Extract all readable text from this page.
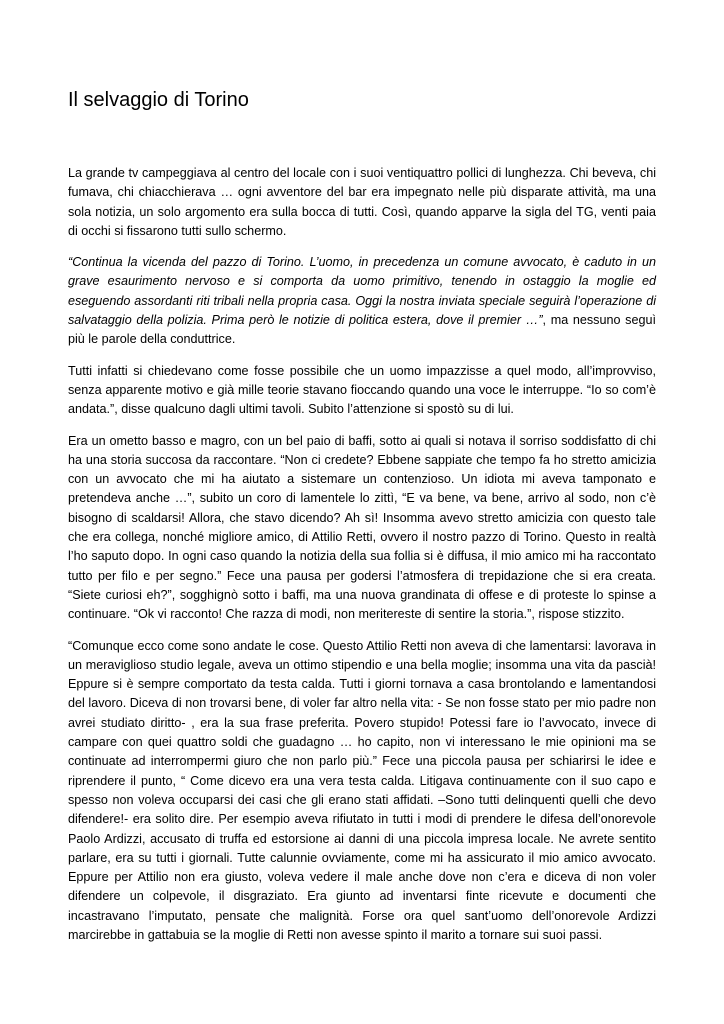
Il selvaggio di Torino

La grande tv campeggiava al centro del locale con i suoi ventiquattro pollici di lunghezza. Chi beveva, chi fumava, chi chiacchierava … ogni avventore del bar era impegnato nelle più disparate attività, ma una sola notizia, un solo argomento era sulla bocca di tutti. Così, quando apparve la sigla del TG, venti paia di occhi si fissarono tutti sullo schermo.

“Continua la vicenda del pazzo di Torino. L’uomo, in precedenza un comune avvocato, è caduto in un grave esaurimento nervoso e si comporta da uomo primitivo, tenendo in ostaggio la moglie ed eseguendo assordanti riti tribali nella propria casa. Oggi la nostra inviata speciale seguirà l’operazione di salvataggio della polizia. Prima però le notizie di politica estera, dove il premier …”, ma nessuno seguì più le parole della conduttrice.

Tutti infatti si chiedevano come fosse possibile che un uomo impazzisse a quel modo, all’improvviso, senza apparente motivo e già mille teorie stavano fioccando quando una voce le interruppe. “Io so com’è andata.”, disse qualcuno dagli ultimi tavoli. Subito l’attenzione si spostò su di lui.

Era un ometto basso e magro, con un bel paio di baffi, sotto ai quali si notava il sorriso soddisfatto di chi ha una storia succosa da raccontare. “Non ci credete? Ebbene sappiate che tempo fa ho stretto amicizia con un avvocato che mi ha aiutato a sistemare un contenzioso. Un idiota mi aveva tamponato e pretendeva anche …”, subito un coro di lamentele lo zittì, “E va bene, va bene, arrivo al sodo, non c’è bisogno di scaldarsi! Allora, che stavo dicendo? Ah sì! Insomma avevo stretto amicizia con questo tale che era collega, nonché migliore amico, di Attilio Retti, ovvero il nostro pazzo di Torino. Questo in realtà l’ho saputo dopo. In ogni caso quando la notizia della sua follia si è diffusa, il mio amico mi ha raccontato tutto per filo e per segno.” Fece una pausa per godersi l’atmosfera di trepidazione che si era creata. “Siete curiosi eh?”, sogghignò sotto i baffi, ma una nuova grandinata di offese e di proteste lo spinse a continuare. “Ok vi racconto! Che razza di modi, non meritereste di sentire la storia.”, rispose stizzito.

“Comunque ecco come sono andate le cose. Questo Attilio Retti non aveva di che lamentarsi: lavorava in un meraviglioso studio legale, aveva un ottimo stipendio e una bella moglie; insomma una vita da pascià! Eppure si è sempre comportato da testa calda. Tutti i giorni tornava a casa brontolando e lamentandosi del lavoro. Diceva di non trovarsi bene, di voler far altro nella vita: - Se non fosse stato per mio padre non avrei studiato diritto- , era la sua frase preferita. Povero stupido! Potessi fare io l’avvocato, invece di campare con quei quattro soldi che guadagno … ho capito, non vi interessano le mie opinioni ma se continuate ad interrompermi giuro che non parlo più.” Fece una piccola pausa per schiarirsi le idee e riprendere il punto, “ Come dicevo era una vera testa calda. Litigava continuamente con il suo capo e spesso non voleva occuparsi dei casi che gli erano stati affidati. –Sono tutti delinquenti quelli che devo difendere!- era solito dire. Per esempio aveva rifiutato in tutti i modi di prendere le difesa dell’onorevole Paolo Ardizzi, accusato di truffa ed estorsione ai danni di una piccola impresa locale. Ne avrete sentito parlare, era su tutti i giornali. Tutte calunnie ovviamente, come mi ha assicurato il mio amico avvocato. Eppure per Attilio non era giusto, voleva vedere il male anche dove non c’era e diceva di non voler difendere un colpevole, il disgraziato. Era giunto ad inventarsi finte ricevute e documenti che incastravano l’imputato, pensate che malignità. Forse ora quel sant’uomo dell’onorevole Ardizzi marcirebbe in gattabuia se la moglie di Retti non avesse spinto il marito a tornare sui suoi passi.
